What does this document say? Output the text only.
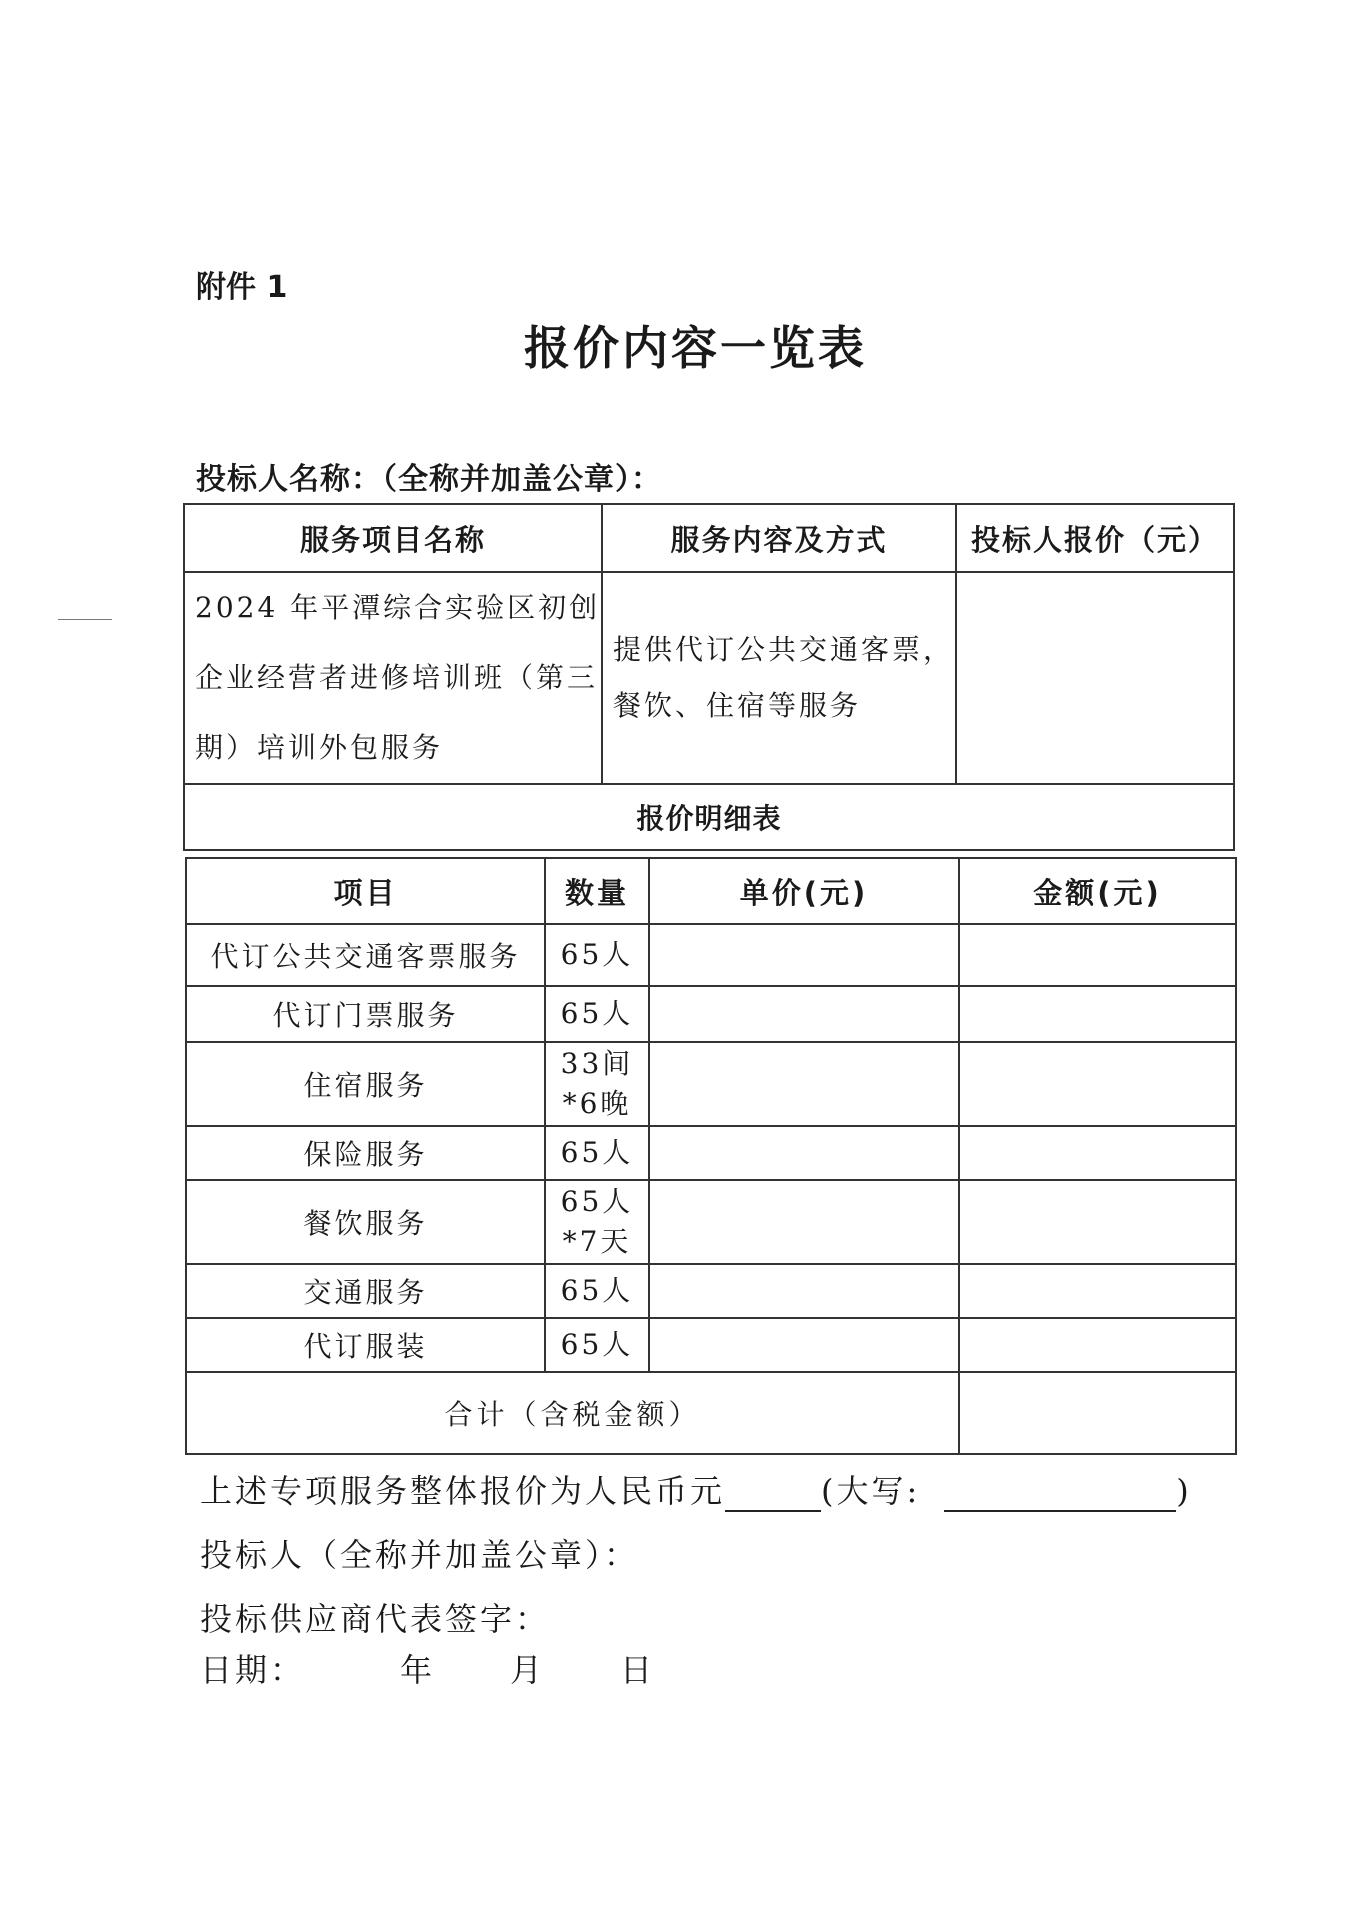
附件 1
报价内容一览表
投标人名称：（全称并加盖公章）：
服务项目名称	服务内容及方式	投标人报价（元）
2024 年平潭综合实验区初创企业经营者进修培训班（第三期）培训外包服务	提供代订公共交通客票，餐饮、住宿等服务	
报价明细表		
项目	数量	单价(元)	金额(元)
代订公共交通客票服务	65人		

代订门票服务	65人		

住宿服务	33间
*6晚		

保险服务	65人		

餐饮服务	65人
*7天		

交通服务	65人		

代订服装	65人		

合计（含税金额）			
上述专项服务整体报价为人民币元	(大写:	)
投标人（全称并加盖公章）：
投标供应商代表签字：
日期：	年 月 日
